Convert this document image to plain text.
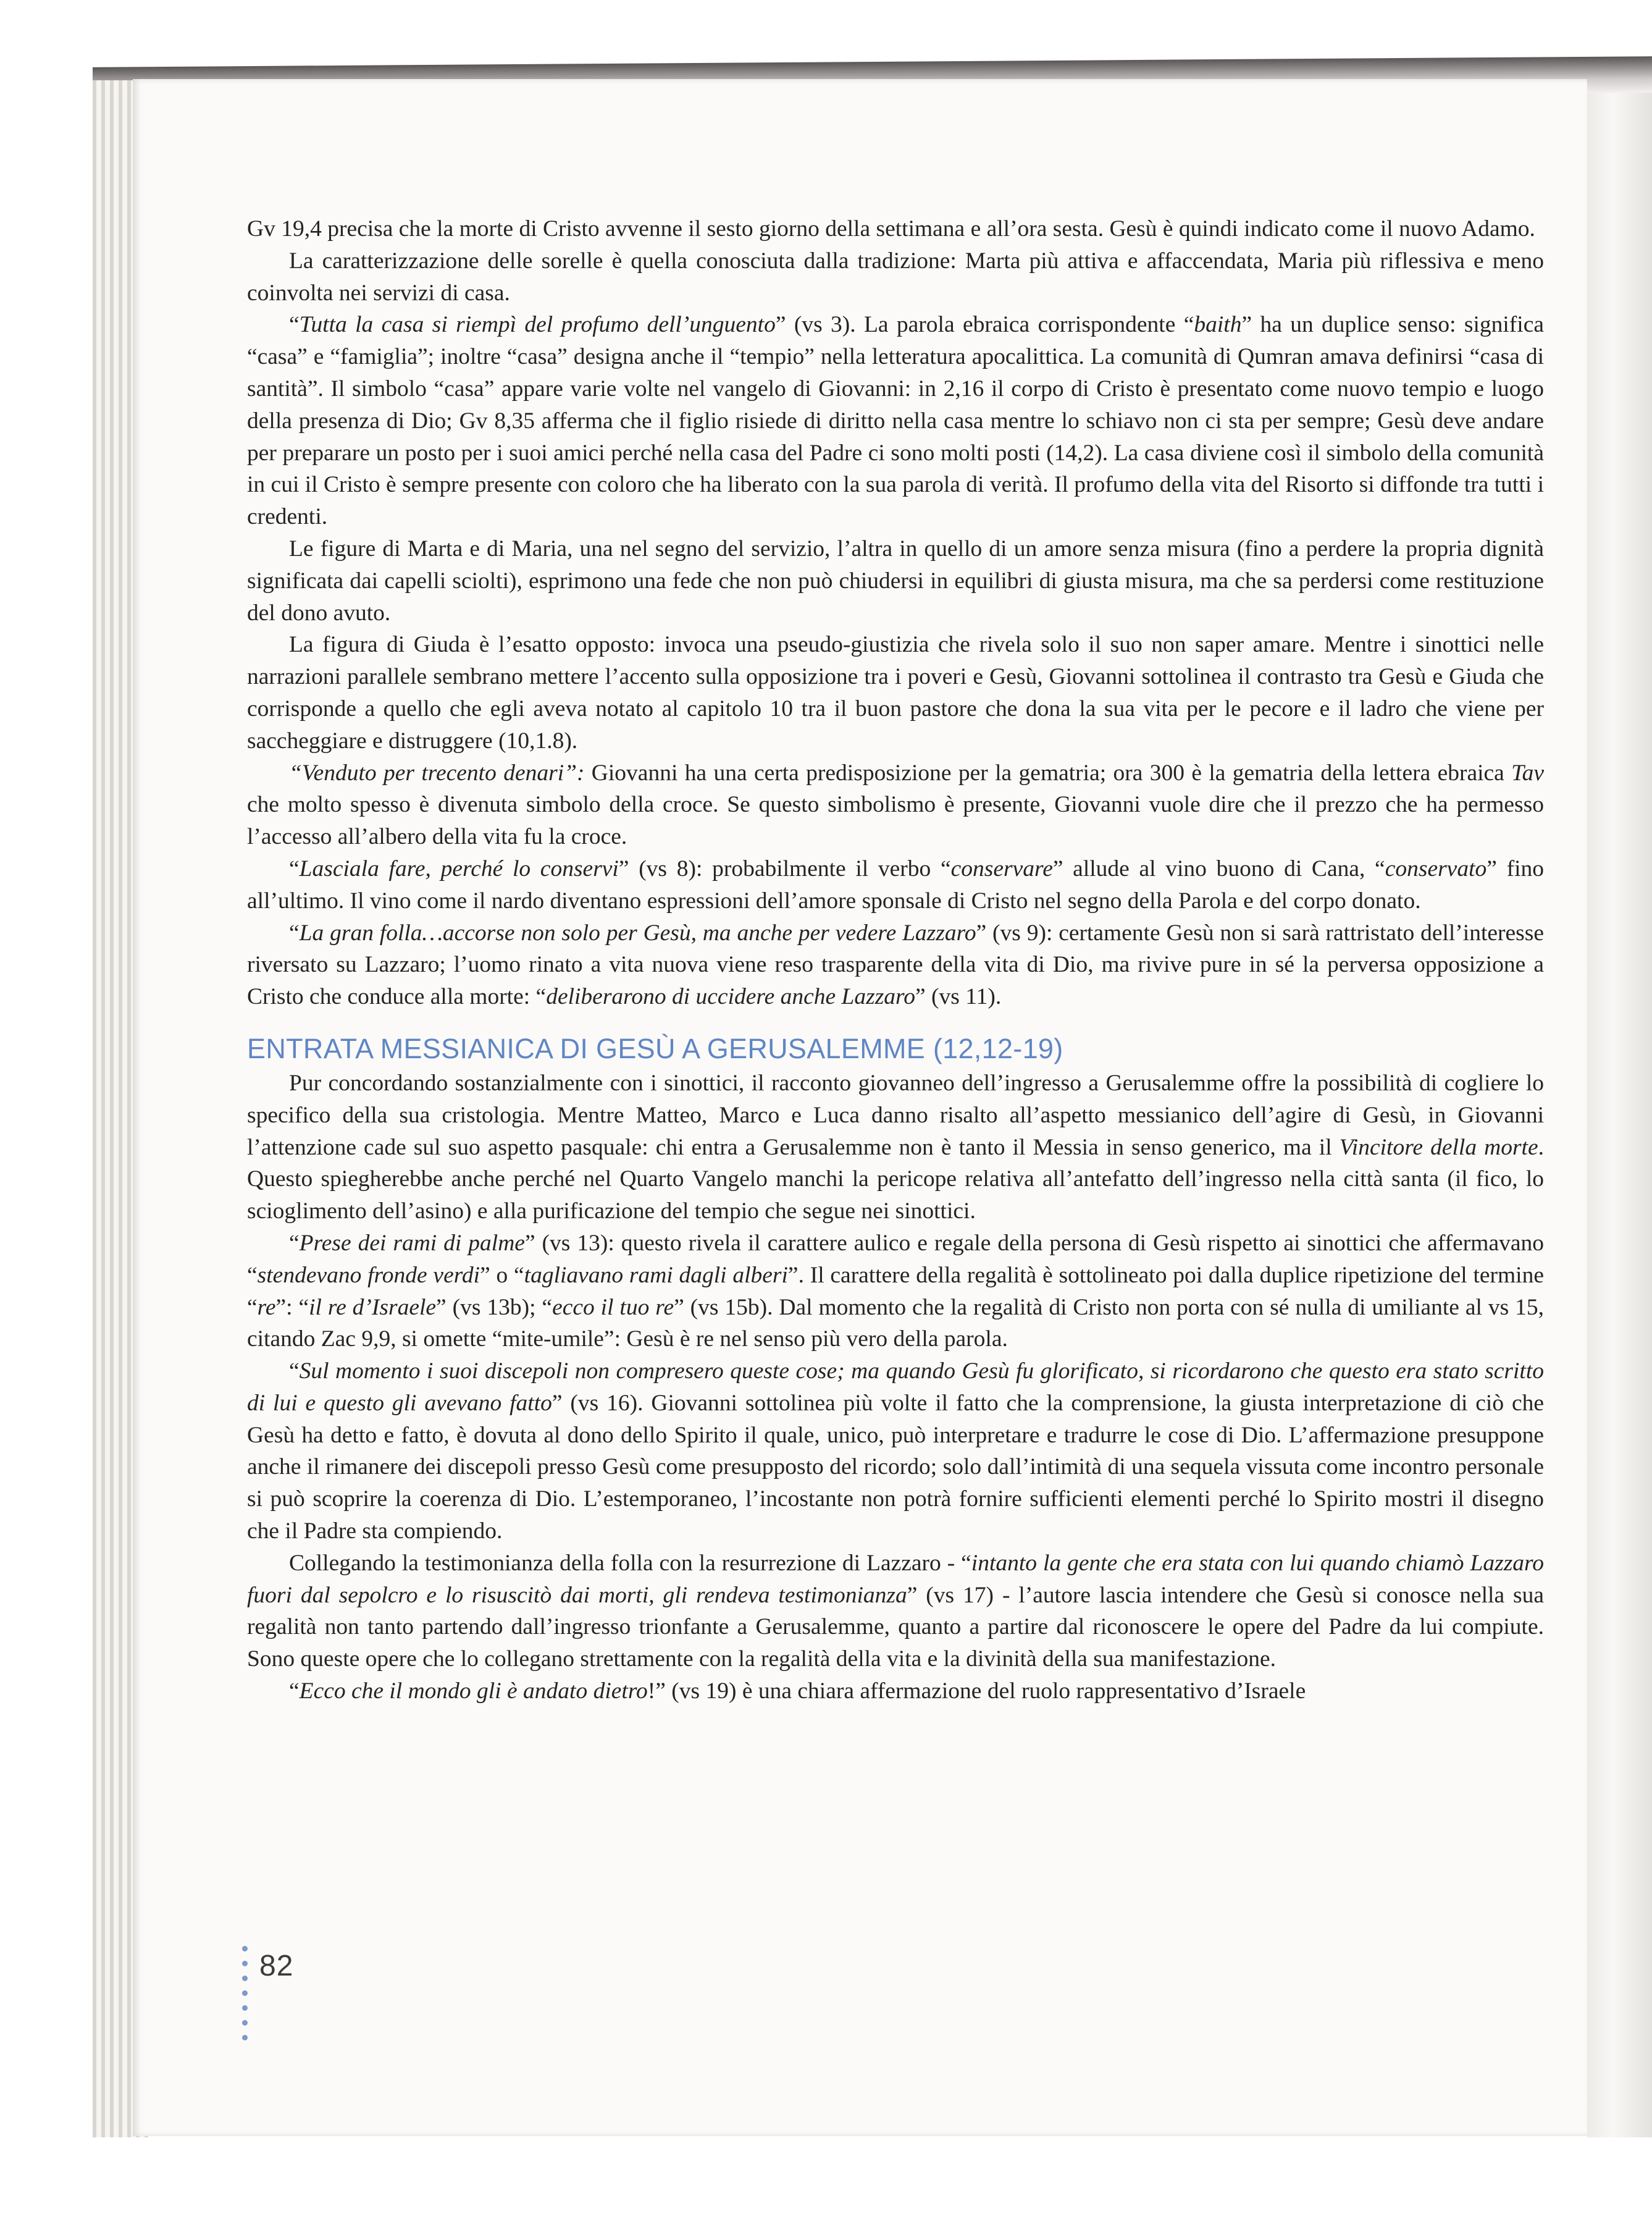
Gv 19,4 precisa che la morte di Cristo avvenne il sesto giorno della settimana e all’ora sesta. Gesù è quindi indicato come il nuovo Adamo.

La caratterizzazione delle sorelle è quella conosciuta dalla tradizione: Marta più attiva e affaccendata, Maria più riflessiva e meno coinvolta nei servizi di casa.

“Tutta la casa si riempì del profumo dell’unguento” (vs 3). La parola ebraica corrispondente “baith” ha un duplice senso: significa “casa” e “famiglia”; inoltre “casa” designa anche il “tempio” nella letteratura apocalittica. La comunità di Qumran amava definirsi “casa di santità”. Il simbolo “casa” appare varie volte nel vangelo di Giovanni: in 2,16 il corpo di Cristo è presentato come nuovo tempio e luogo della presenza di Dio; Gv 8,35 afferma che il figlio risiede di diritto nella casa mentre lo schiavo non ci sta per sempre; Gesù deve andare per preparare un posto per i suoi amici perché nella casa del Padre ci sono molti posti (14,2). La casa diviene così il simbolo della comunità in cui il Cristo è sempre presente con coloro che ha liberato con la sua parola di verità. Il profumo della vita del Risorto si diffonde tra tutti i credenti.

Le figure di Marta e di Maria, una nel segno del servizio, l’altra in quello di un amore senza misura (fino a perdere la propria dignità significata dai capelli sciolti), esprimono una fede che non può chiudersi in equilibri di giusta misura, ma che sa perdersi come restituzione del dono avuto.

La figura di Giuda è l’esatto opposto: invoca una pseudo-giustizia che rivela solo il suo non saper amare. Mentre i sinottici nelle narrazioni parallele sembrano mettere l’accento sulla opposizione tra i poveri e Gesù, Giovanni sottolinea il contrasto tra Gesù e Giuda che corrisponde a quello che egli aveva notato al capitolo 10 tra il buon pastore che dona la sua vita per le pecore e il ladro che viene per saccheggiare e distruggere (10,1.8).

“Venduto per trecento denari”: Giovanni ha una certa predisposizione per la gematria; ora 300 è la gematria della lettera ebraica Tav che molto spesso è divenuta simbolo della croce. Se questo simbolismo è presente, Giovanni vuole dire che il prezzo che ha permesso l’accesso all’albero della vita fu la croce.

“Lasciala fare, perché lo conservi” (vs 8): probabilmente il verbo “conservare” allude al vino buono di Cana, “conservato” fino all’ultimo. Il vino come il nardo diventano espressioni dell’amore sponsale di Cristo nel segno della Parola e del corpo donato.

“La gran folla…accorse non solo per Gesù, ma anche per vedere Lazzaro” (vs 9): certamente Gesù non si sarà rattristato dell’interesse riversato su Lazzaro; l’uomo rinato a vita nuova viene reso trasparente della vita di Dio, ma rivive pure in sé la perversa opposizione a Cristo che conduce alla morte: “deliberarono di uccidere anche Lazzaro” (vs 11).

ENTRATA MESSIANICA DI GESÙ A GERUSALEMME (12,12-19)

Pur concordando sostanzialmente con i sinottici, il racconto giovanneo dell’ingresso a Gerusalemme offre la possibilità di cogliere lo specifico della sua cristologia. Mentre Matteo, Marco e Luca danno risalto all’aspetto messianico dell’agire di Gesù, in Giovanni l’attenzione cade sul suo aspetto pasquale: chi entra a Gerusalemme non è tanto il Messia in senso generico, ma il Vincitore della morte. Questo spiegherebbe anche perché nel Quarto Vangelo manchi la pericope relativa all’antefatto dell’ingresso nella città santa (il fico, lo scioglimento dell’asino) e alla purificazione del tempio che segue nei sinottici.

“Prese dei rami di palme” (vs 13): questo rivela il carattere aulico e regale della persona di Gesù rispetto ai sinottici che affermavano “stendevano fronde verdi” o “tagliavano rami dagli alberi”. Il carattere della regalità è sottolineato poi dalla duplice ripetizione del termine “re”: “il re d’Israele” (vs 13b); “ecco il tuo re” (vs 15b). Dal momento che la regalità di Cristo non porta con sé nulla di umiliante al vs 15, citando Zac 9,9, si omette “mite-umile”: Gesù è re nel senso più vero della parola.

“Sul momento i suoi discepoli non compresero queste cose; ma quando Gesù fu glorificato, si ricordarono che questo era stato scritto di lui e questo gli avevano fatto” (vs 16). Giovanni sottolinea più volte il fatto che la comprensione, la giusta interpretazione di ciò che Gesù ha detto e fatto, è dovuta al dono dello Spirito il quale, unico, può interpretare e tradurre le cose di Dio. L’affermazione presuppone anche il rimanere dei discepoli presso Gesù come presupposto del ricordo; solo dall’intimità di una sequela vissuta come incontro personale si può scoprire la coerenza di Dio. L’estemporaneo, l’incostante non potrà fornire sufficienti elementi perché lo Spirito mostri il disegno che il Padre sta compiendo.

Collegando la testimonianza della folla con la resurrezione di Lazzaro - “intanto la gente che era stata con lui quando chiamò Lazzaro fuori dal sepolcro e lo risuscitò dai morti, gli rendeva testimonianza” (vs 17) - l’autore lascia intendere che Gesù si conosce nella sua regalità non tanto partendo dall’ingresso trionfante a Gerusalemme, quanto a partire dal riconoscere le opere del Padre da lui compiute. Sono queste opere che lo collegano strettamente con la regalità della vita e la divinità della sua manifestazione.

“Ecco che il mondo gli è andato dietro!” (vs 19) è una chiara affermazione del ruolo rappresentativo d’Israele

82
